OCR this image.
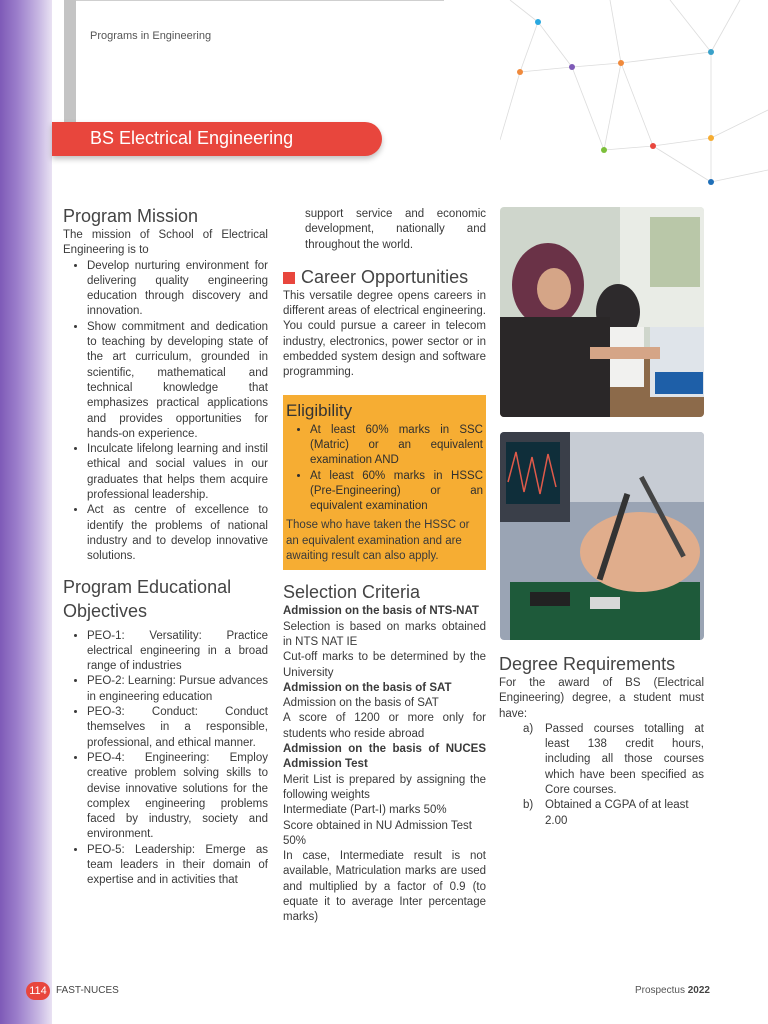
Programs in Engineering
BS Electrical Engineering

Program Mission

The mission of School of Electrical Engineering is to

• Develop nurturing environment for delivering quality engineering education through discovery and innovation.
• Show commitment and dedication to teaching by developing state of the art curriculum, grounded in scientific, mathematical and technical knowledge that emphasizes practical applications and provides opportunities for hands-on experience.
• Inculcate lifelong learning and instil ethical and social values in our graduates that helps them acquire professional leadership.
• Act as centre of excellence to identify the problems of national industry and to develop innovative solutions.

Program Educational Objectives

• PEO-1: Versatility: Practice electrical engineering in a broad range of industries
• PEO-2: Learning: Pursue advances in engineering education
• PEO-3: Conduct: Conduct themselves in a responsible, professional, and ethical manner.
• PEO-4: Engineering: Employ creative problem solving skills to devise innovative solutions for the complex engineering problems faced by industry, society and environment.
• PEO-5: Leadership: Emerge as team leaders in their domain of expertise and in activities that

support service and economic development, nationally and throughout the world.

Career Opportunities

This versatile degree opens careers in different areas of electrical engineering. You could pursue a career in telecom industry, electronics, power sector or in embedded system design and software programming.

Eligibility

• At least 60% marks in SSC (Matric) or an equivalent examination AND
• At least 60% marks in HSSC (Pre-Engineering) or an equivalent examination

Those who have taken the HSSC or an equivalent examination and are awaiting result can also apply.

Selection Criteria

Admission on the basis of NTS-NAT

Selection is based on marks obtained in NTS NAT IE

Cut-off marks to be determined by the University

Admission on the basis of SAT

Admission on the basis of SAT

A score of 1200 or more only for students who reside abroad

Admission on the basis of NUCES Admission Test

Merit List is prepared by assigning the following weights

Intermediate (Part-I) marks 50%

Score obtained in NU Admission Test 50%

In case, Intermediate result is not available, Matriculation marks are used and multiplied by a factor of 0.9 (to equate it to average Inter percentage marks)

Degree Requirements

For the award of BS (Electrical Engineering) degree, a student must have:

a) Passed courses totalling at least 138 credit hours, including all those courses which have been specified as Core courses.
b) Obtained a CGPA of at least 2.00
114 FAST-NUCES	Prospectus 2022
